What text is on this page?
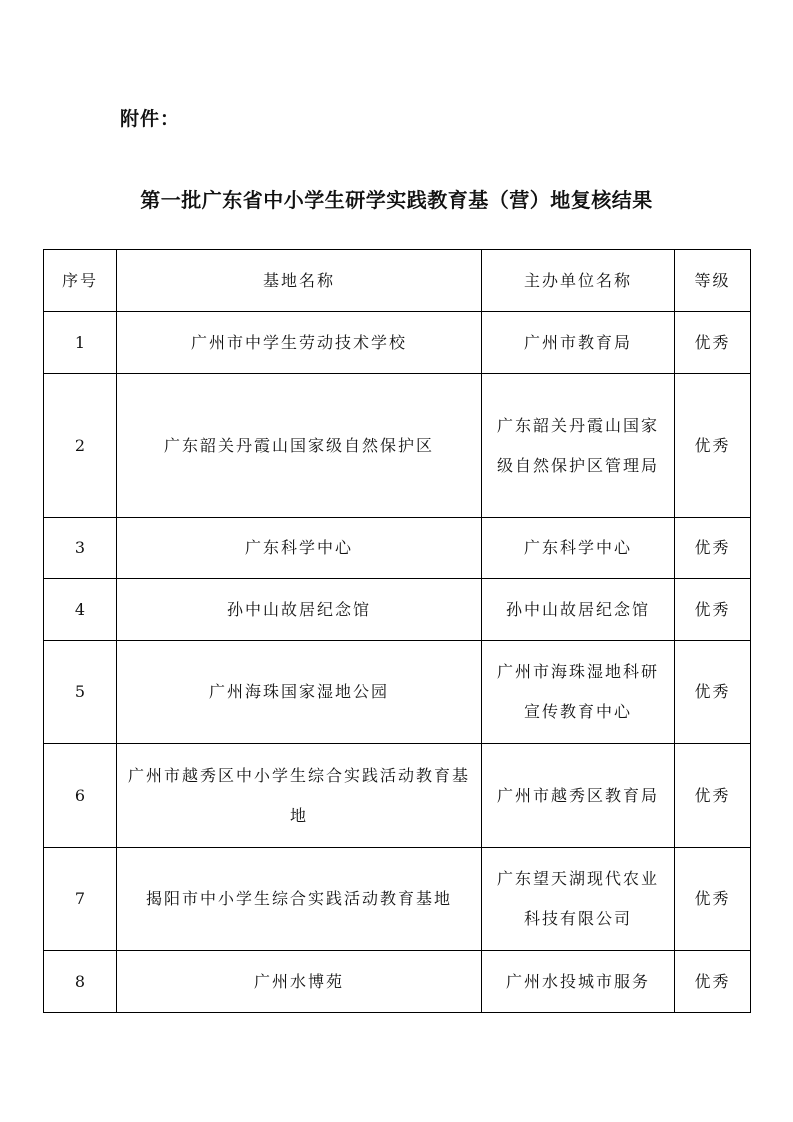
附件：
第一批广东省中小学生研学实践教育基（营）地复核结果
序号	基地名称	主办单位名称	等级
1	广州市中学生劳动技术学校	广州市教育局	优秀
2	广东韶关丹霞山国家级自然保护区	广东韶关丹霞山国家级自然保护区管理局	优秀
3	广东科学中心	广东科学中心	优秀
4	孙中山故居纪念馆	孙中山故居纪念馆	优秀
5	广州海珠国家湿地公园	广州市海珠湿地科研宣传教育中心	优秀
6	广州市越秀区中小学生综合实践活动教育基地	广州市越秀区教育局	优秀
7	揭阳市中小学生综合实践活动教育基地	广东望天湖现代农业科技有限公司	优秀
8	广州水博苑	广州水投城市服务	优秀
